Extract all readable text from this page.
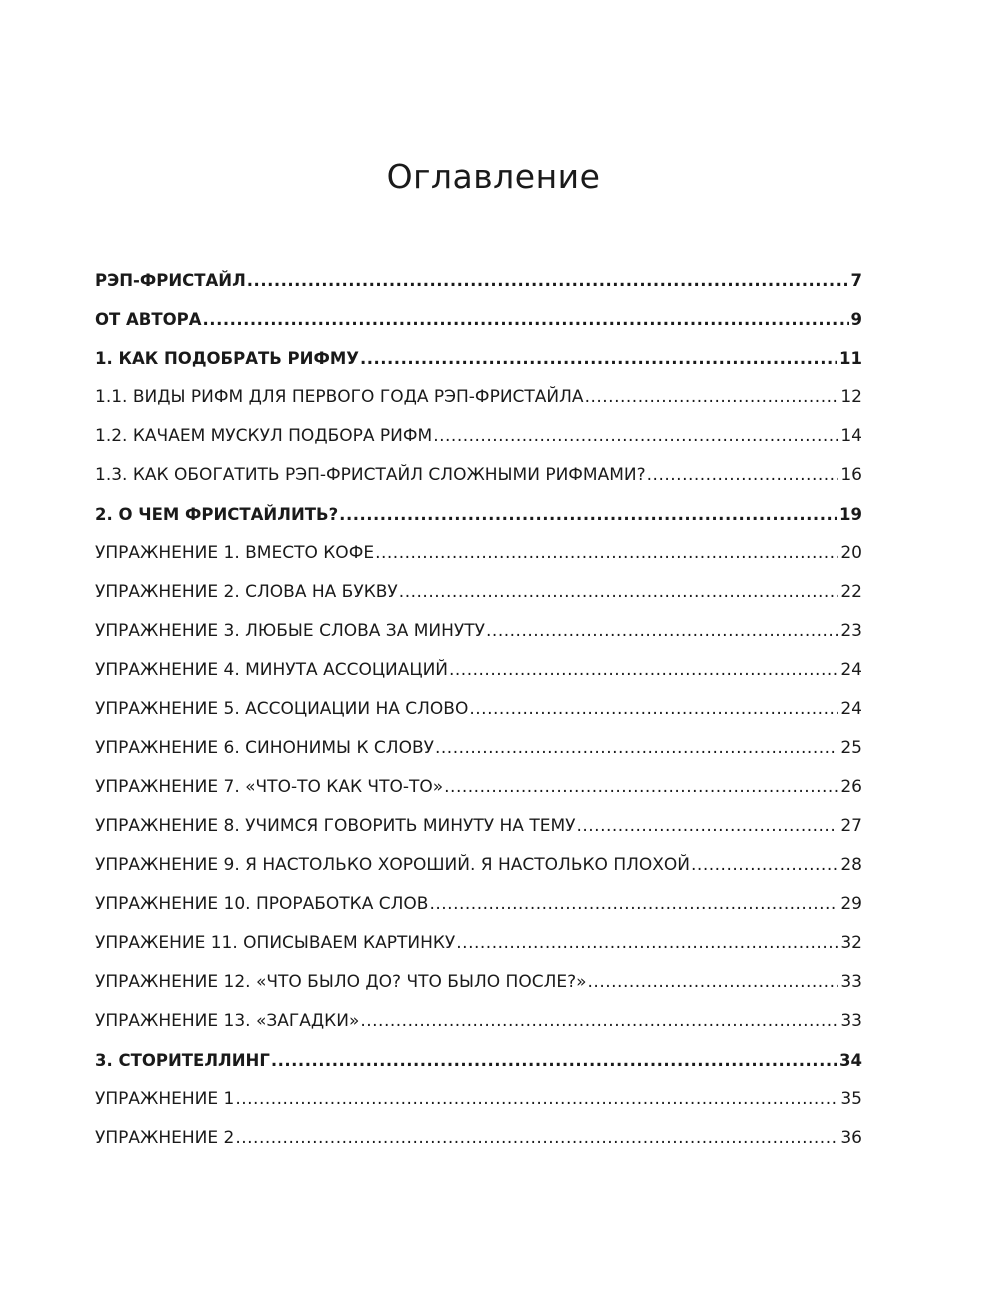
Оглавление
РЭП-ФРИСТАЙЛ .....	7
ОТ АВТОРА .....	9
1. КАК ПОДОБРАТЬ РИФМУ .....	11
1.1. ВИДЫ РИФМ ДЛЯ ПЕРВОГО ГОДА РЭП-ФРИСТАЙЛА .....	12
1.2. КАЧАЕМ МУСКУЛ ПОДБОРА РИФМ .....	14
1.3. КАК ОБОГАТИТЬ РЭП-ФРИСТАЙЛ СЛОЖНЫМИ РИФМАМИ? .....	16
2. О ЧЕМ ФРИСТАЙЛИТЬ? .....	19
УПРАЖНЕНИЕ 1. ВМЕСТО КОФЕ .....	20
УПРАЖНЕНИЕ 2. СЛОВА НА БУКВУ .....	22
УПРАЖНЕНИЕ 3. ЛЮБЫЕ СЛОВА ЗА МИНУТУ .....	23
УПРАЖНЕНИЕ 4. МИНУТА АССОЦИАЦИЙ .....	24
УПРАЖНЕНИЕ 5. АССОЦИАЦИИ НА СЛОВО .....	24
УПРАЖНЕНИЕ 6. СИНОНИМЫ К СЛОВУ .....	25
УПРАЖНЕНИЕ 7. «ЧТО-ТО КАК ЧТО-ТО» .....	26
УПРАЖНЕНИЕ 8. УЧИМСЯ ГОВОРИТЬ МИНУТУ НА ТЕМУ .....	27
УПРАЖНЕНИЕ 9. Я НАСТОЛЬКО ХОРОШИЙ. Я НАСТОЛЬКО ПЛОХОЙ .....	28
УПРАЖНЕНИЕ 10. ПРОРАБОТКА СЛОВ .....	29
УПРАЖЕНИЕ 11. ОПИСЫВАЕМ КАРТИНКУ .....	32
УПРАЖНЕНИЕ 12. «ЧТО БЫЛО ДО? ЧТО БЫЛО ПОСЛЕ?» .....	33
УПРАЖНЕНИЕ 13. «ЗАГАДКИ» .....	33
3. СТОРИТЕЛЛИНГ .....	34
УПРАЖНЕНИЕ 1 .....	35
УПРАЖНЕНИЕ 2 .....	36
